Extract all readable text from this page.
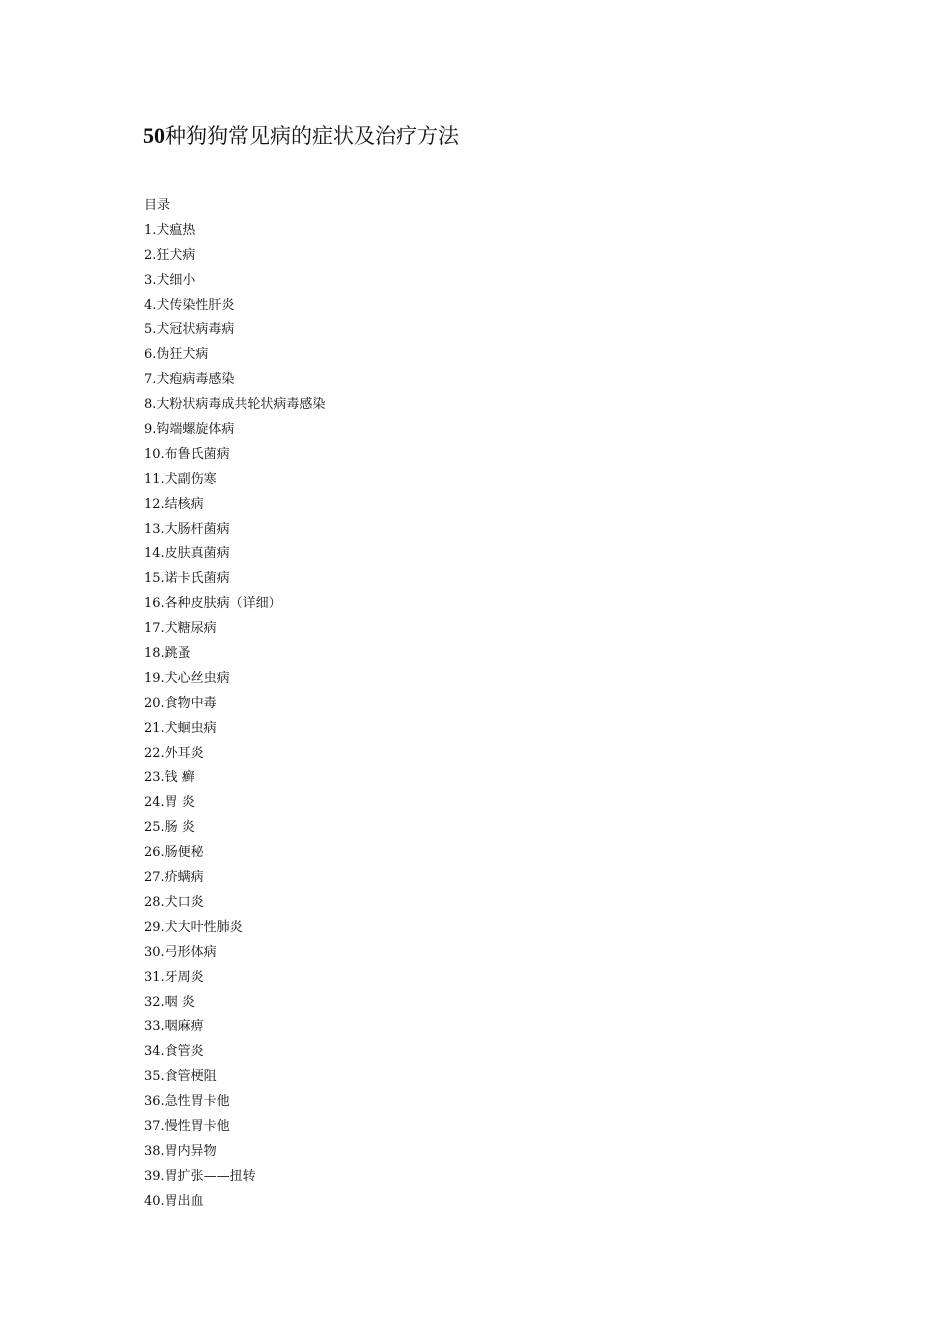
50种狗狗常见病的症状及治疗方法
目录
1.犬瘟热
2.狂犬病
3.犬细小
4.犬传染性肝炎
5.犬冠状病毒病
6.伪狂犬病
7.犬疱病毒感染
8.大粉状病毒成共轮状病毒感染
9.钩端螺旋体病
10.布鲁氏菌病
11.犬副伤寒
12.结核病
13.大肠杆菌病
14.皮肤真菌病
15.诺卡氏菌病
16.各种皮肤病（详细）
17.犬糖尿病
18.跳蚤
19.犬心丝虫病
20.食物中毒
21.犬蛔虫病
22.外耳炎
23.钱 癣
24.胃 炎
25.肠 炎
26.肠便秘
27.疥螨病
28.犬口炎
29.犬大叶性肺炎
30.弓形体病
31.牙周炎
32.咽 炎
33.咽麻痹
34.食管炎
35.食管梗阻
36.急性胃卡他
37.慢性胃卡他
38.胃内异物
39.胃扩张——扭转
40.胃出血
